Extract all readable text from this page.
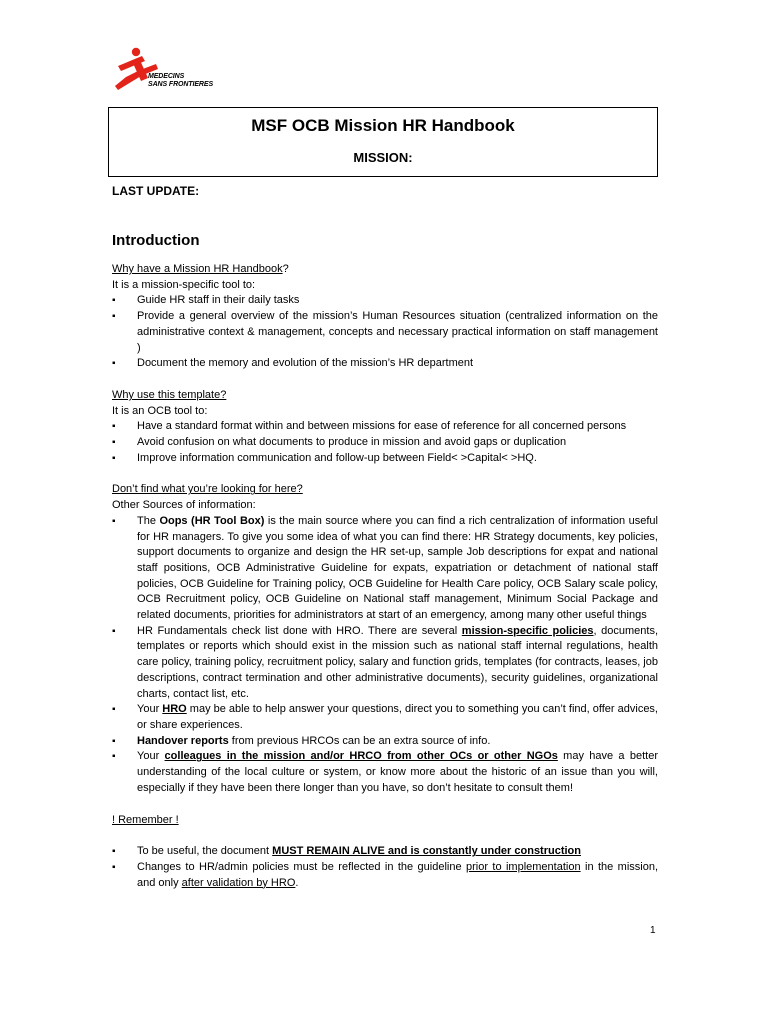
MEDECINS
SANS FRONTIERES
MSF OCB Mission HR Handbook
MISSION:
LAST UPDATE:
Introduction

Why have a Mission HR Handbook?

It is a mission-specific tool to:

▪ Guide HR staff in their daily tasks
▪ Provide a general overview of the mission’s Human Resources situation (centralized information on the administrative context & management, concepts and necessary practical information on staff management )
▪ Document the memory and evolution of the mission’s HR department

Why use this template?

It is an OCB tool to:

▪ Have a standard format within and between missions for ease of reference for all concerned persons
▪ Avoid confusion on what documents to produce in mission and avoid gaps or duplication
▪ Improve information communication and follow-up between Field< >Capital< >HQ.

Don’t find what you’re looking for here?

Other Sources of information:

▪ The Oops (HR Tool Box) is the main source where you can find a rich centralization of information useful for HR managers. To give you some idea of what you can find there: HR Strategy documents, key policies, support documents to organize and design the HR set-up, sample Job descriptions for expat and national staff positions, OCB Administrative Guideline for expats, expatriation or detachment of national staff policies, OCB Guideline for Training policy, OCB Guideline for Health Care policy, OCB Salary scale policy, OCB Recruitment policy, OCB Guideline on National staff management, Minimum Social Package and related documents, priorities for administrators at start of an emergency, among many other useful things
▪ HR Fundamentals check list done with HRO. There are several mission-specific policies, documents, templates or reports which should exist in the mission such as national staff internal regulations, health care policy, training policy, recruitment policy, salary and function grids, templates (for contracts, leases, job descriptions, contract termination and other administrative documents), security guidelines, organizational charts, contact list, etc.
▪ Your HRO may be able to help answer your questions, direct you to something you can’t find, offer advices, or share experiences.
▪ Handover reports from previous HRCOs can be an extra source of info.
▪ Your colleagues in the mission and/or HRCO from other OCs or other NGOs may have a better understanding of the local culture or system, or know more about the historic of an issue than you will, especially if they have been there longer than you have, so don’t hesitate to consult them!

! Remember !

▪ To be useful, the document MUST REMAIN ALIVE and is constantly under construction
▪ Changes to HR/admin policies must be reflected in the guideline prior to implementation in the mission, and only after validation by HRO.
1
